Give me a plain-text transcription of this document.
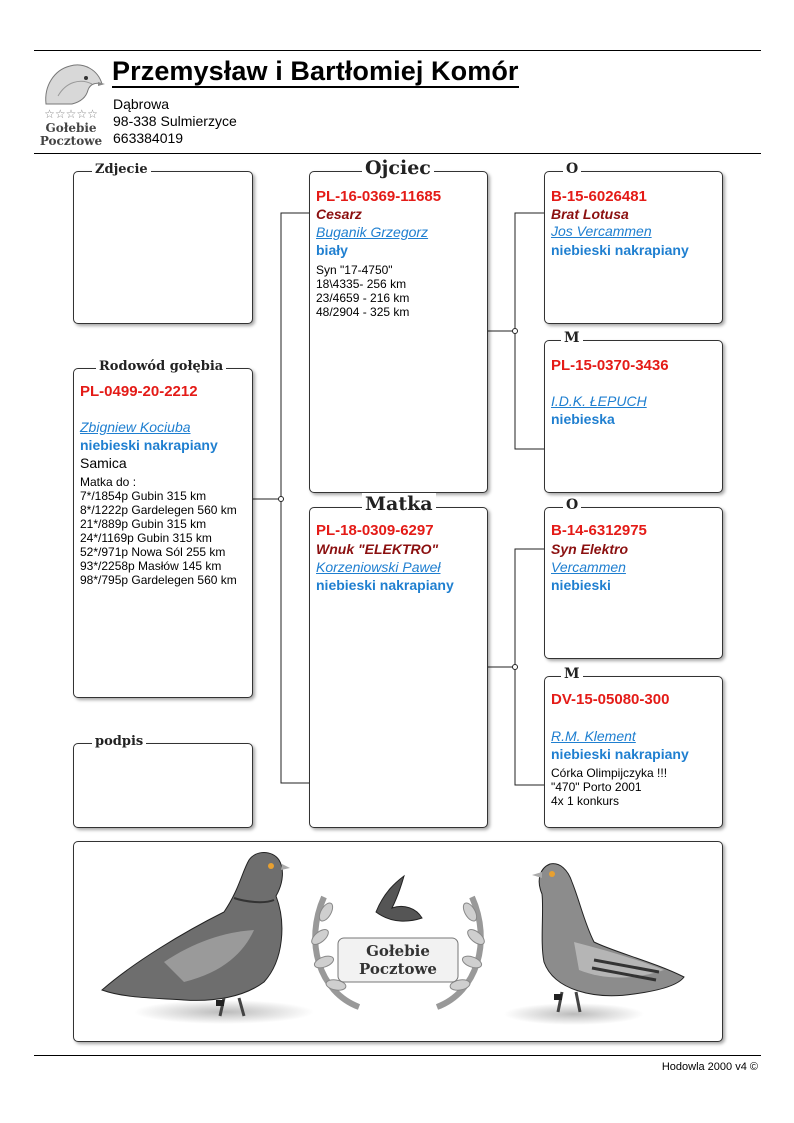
☆☆☆☆☆
Gołebie
Pocztowe
Przemysław i Bartłomiej Komór
Dąbrowa
98-338 Sulmierzyce
663384019
Zdjecie
Rodowód gołębia
PL-0499-20-2212
Zbigniew Kociuba
niebieski nakrapiany
Samica
Matka do :
7*/1854p Gubin 315 km
8*/1222p Gardelegen 560 km
21*/889p Gubin 315 km
24*/1169p Gubin 315 km
52*/971p Nowa Sól 255 km
93*/2258p Masłów 145 km
98*/795p Gardelegen 560 km
podpis
Ojciec
PL-16-0369-11685
Cesarz
Buganik Grzegorz
biały
Syn "17-4750"
18\4335- 256 km
23/4659 - 216 km
48/2904 - 325 km
Matka
PL-18-0309-6297
Wnuk "ELEKTRO"
Korzeniowski Paweł
niebieski nakrapiany
O
B-15-6026481
Brat Lotusa
Jos Vercammen
niebieski nakrapiany
M
PL-15-0370-3436
I.D.K. ŁEPUCH
niebieska
O
B-14-6312975
Syn Elektro
Vercammen
niebieski
M
DV-15-05080-300
R.M. Klement
niebieski nakrapiany
Córka Olimpijczyka !!!
"470" Porto 2001
4x 1 konkurs
Gołebie
Pocztowe
Hodowla 2000 v4 ©
